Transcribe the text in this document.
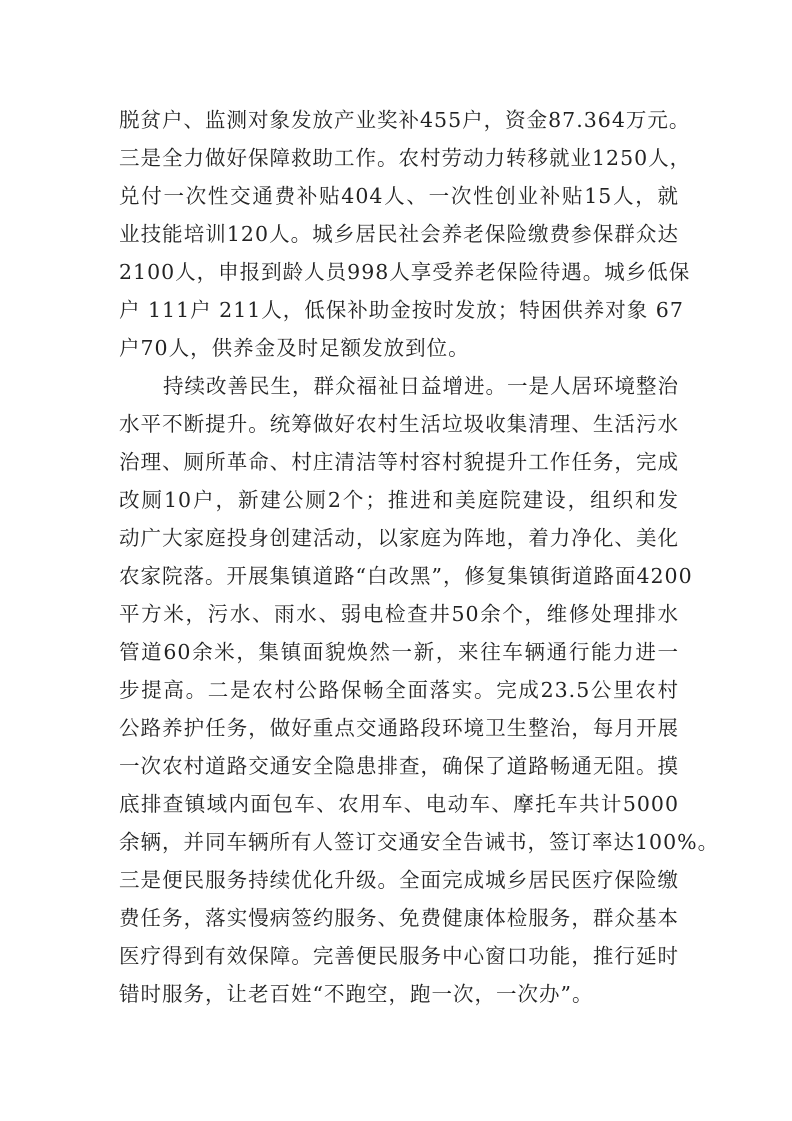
脱贫户、监测对象发放产业奖补455户，资金87.364万元。
三是全力做好保障救助工作。农村劳动力转移就业1250人，
兑付一次性交通费补贴404人、一次性创业补贴15人，就
业技能培训120人。城乡居民社会养老保险缴费参保群众达
2100人，申报到龄人员998人享受养老保险待遇。城乡低保
户 111户 211人，低保补助金按时发放；特困供养对象 67
户70人，供养金及时足额发放到位。
持续改善民生，群众福祉日益增进。一是人居环境整治
水平不断提升。统筹做好农村生活垃圾收集清理、生活污水
治理、厕所革命、村庄清洁等村容村貌提升工作任务，完成
改厕10户，新建公厕2个；推进和美庭院建设，组织和发
动广大家庭投身创建活动，以家庭为阵地，着力净化、美化
农家院落。开展集镇道路“白改黑”，修复集镇街道路面4200
平方米，污水、雨水、弱电检查井50余个，维修处理排水
管道60余米，集镇面貌焕然一新，来往车辆通行能力进一
步提高。二是农村公路保畅全面落实。完成23.5公里农村
公路养护任务，做好重点交通路段环境卫生整治，每月开展
一次农村道路交通安全隐患排查，确保了道路畅通无阻。摸
底排查镇域内面包车、农用车、电动车、摩托车共计5000
余辆，并同车辆所有人签订交通安全告诫书，签订率达100%。
三是便民服务持续优化升级。全面完成城乡居民医疗保险缴
费任务，落实慢病签约服务、免费健康体检服务，群众基本
医疗得到有效保障。完善便民服务中心窗口功能，推行延时
错时服务，让老百姓“不跑空，跑一次，一次办”。
